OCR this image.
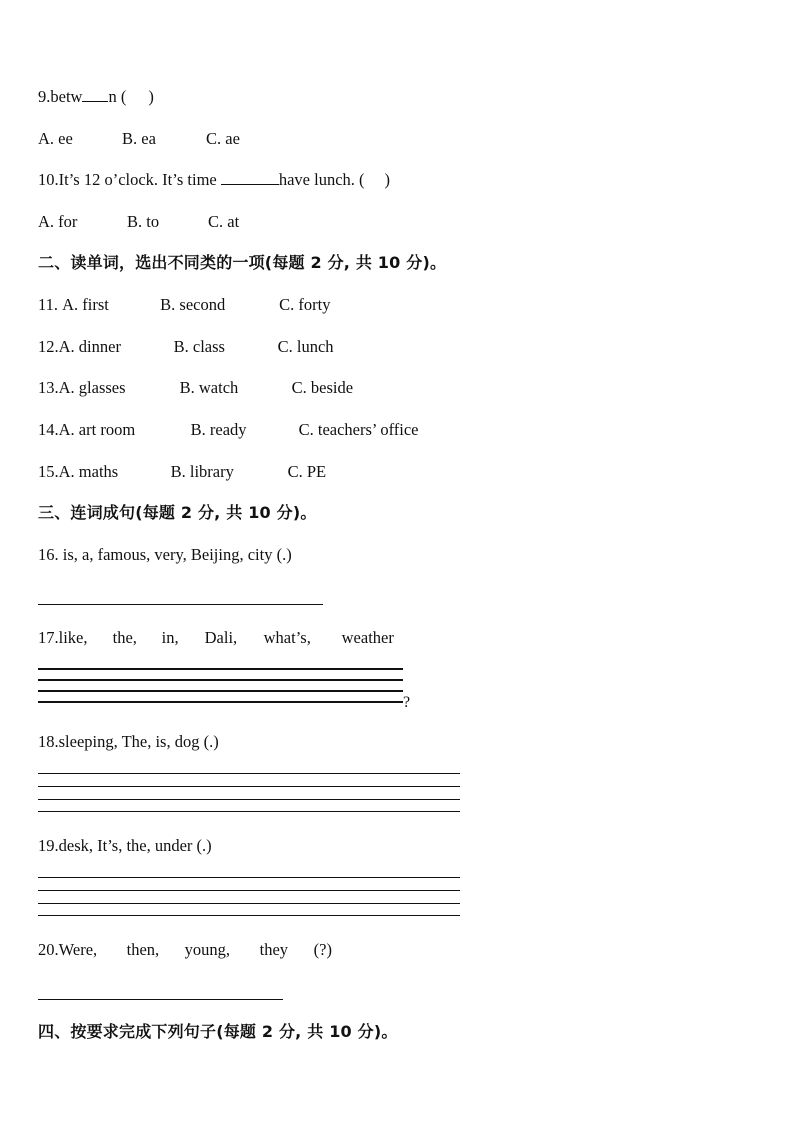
9.betw n ( )
A. ee	B. ea	C. ae
10.It’s 12 o’clock. It’s time	have lunch. ( )
A. for	B. to	C. at
二、读单词，选出不同类的一项(每题 2 分, 共 10 分)。
11. A. first	B. second	C. forty
12.A. dinner	B. class	C. lunch
13.A. glasses	B. watch	C. beside
14.A. art room	B. ready	C. teachers’ office
15.A. maths	B. library	C. PE
三、连词成句(每题 2 分, 共 10 分)。
16. is, a, famous, very, Beijing, city (.)
17.like, the, in, Dali, what’s, weather
?
18.sleeping, The, is, dog (.)
19.desk, It’s, the, under (.)
20.Were, then, young, they (?)
四、按要求完成下列句子(每题 2 分, 共 10 分)。
